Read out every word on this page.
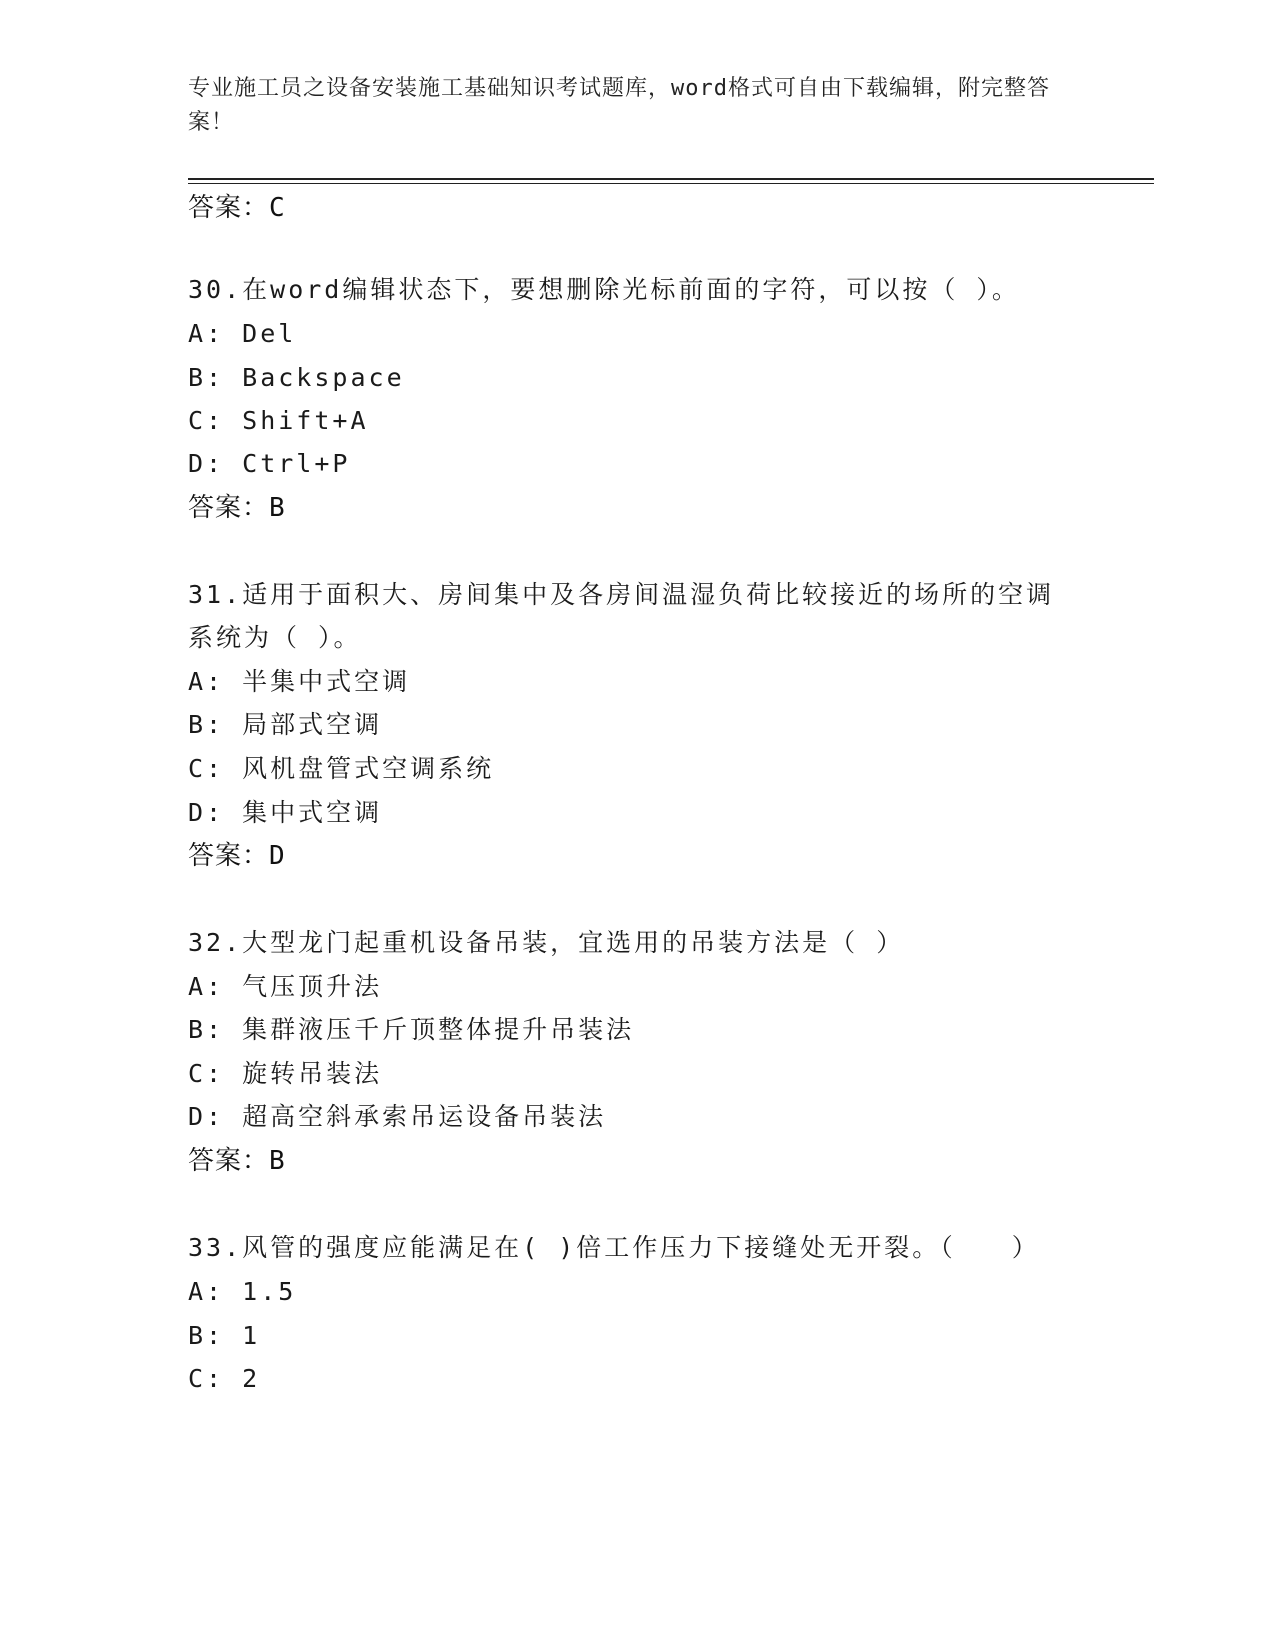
专业施工员之设备安装施工基础知识考试题库，word格式可自由下载编辑，附完整答案！
答案：C
30.在word编辑状态下，要想删除光标前面的字符，可以按（ ）。
A: Del
B: Backspace
C: Shift+A
D: Ctrl+P
答案：B
31.适用于面积大、房间集中及各房间温湿负荷比较接近的场所的空调
系统为（ ）。
A: 半集中式空调
B: 局部式空调
C: 风机盘管式空调系统
D: 集中式空调
答案：D
32.大型龙门起重机设备吊装，宜选用的吊装方法是（ ）
A: 气压顶升法
B: 集群液压千斤顶整体提升吊装法
C: 旋转吊装法
D: 超高空斜承索吊运设备吊装法
答案：B
33.风管的强度应能满足在( )倍工作压力下接缝处无开裂。（　　）
A: 1.5
B: 1
C: 2
